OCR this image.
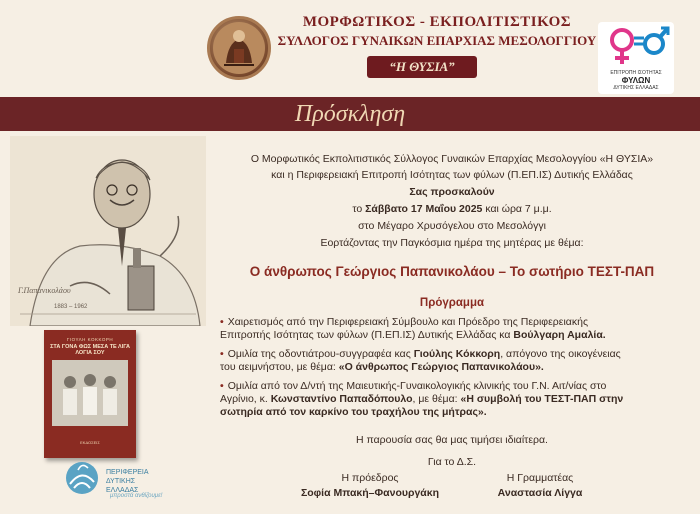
ΜΟΡΦΩΤΙΚΟΣ - ΕΚΠΟΛΙΤΙΣΤΙΚΟΣ
ΣΥΛΛΟΓΟΣ ΓΥΝΑΙΚΩΝ ΕΠΑΡΧΙΑΣ ΜΕΣΟΛΟΓΓΙΟΥ
“Η ΘΥΣΙΑ”	ΕΠΙΤΡΟΠΗ ΙΣΟΤΗΤΑΣ
ΦΥΛΩΝ
ΔΥΤΙΚΗΣ ΕΛΛΑΔΑΣ
Πρόσκληση
Γ.Παπανικολάου
1883 – 1962
ΓΙΟΥΛΗ ΚΟΚΚΟΡΗ
ΣΤΑ ΓΟΝΑ ΦΩΣ ΜΕΣΑ ΤΕ ΛΙΓΑ ΛΟΓΙΑ ΣΟΥ
ΕΚΔΟΣΕΙΣ
ΠΕΡΙΦΕΡΕΙΑ
ΔΥΤΙΚΗΣ
ΕΛΛΑΔΑΣ
μπροστά ανθίζουμε!
Ο Μορφωτικός Εκπολιτιστικός Σύλλογος Γυναικών Επαρχίας Μεσολογγίου «Η ΘΥΣΙΑ»
και η Περιφερειακή Επιτροπή Ισότητας των φύλων (Π.ΕΠ.ΙΣ) Δυτικής Ελλάδας
Σας προσκαλούν
το Σάββατο 17 Μαΐου 2025 και ώρα 7 μ.μ.
στο Μέγαρο Χρυσόγελου στο Μεσολόγγι
Εορτάζοντας την Παγκόσμια ημέρα της μητέρας με θέμα:
Ο άνθρωπος Γεώργιος Παπανικολάου – Το σωτήριο ΤΕΣΤ-ΠΑΠ
Πρόγραμμα
• Χαιρετισμός από την Περιφερειακή Σύμβουλο και Πρόεδρο της Περιφερειακής
Επιτροπής Ισότητας των φύλων (Π.ΕΠ.ΙΣ) Δυτικής Ελλάδας κα Βούλγαρη Αμαλία.
• Ομιλία της οδοντιάτρου-συγγραφέα κας Γιούλης Κόκκορη, απόγονο της οικογένειας
του αειμνήστου, με θέμα: «Ο άνθρωπος Γεώργιος Παπανικολάου».
• Ομιλία από τον Δ/ντή της Μαιευτικής-Γυναικολογικής κλινικής του Γ.Ν. Αιτ/νίας στο
Αγρίνιο, κ. Κωνσταντίνο Παπαδόπουλο, με θέμα: «Η συμβολή του ΤΕΣΤ-ΠΑΠ στην
σωτηρία από τον καρκίνο του τραχήλου της μήτρας».
Η παρουσία σας θα μας τιμήσει ιδιαίτερα.
Για το Δ.Σ.
Η πρόεδρος
Σοφία Μπακή–Φανουργάκη
Η Γραμματέας
Αναστασία Λίγγα
